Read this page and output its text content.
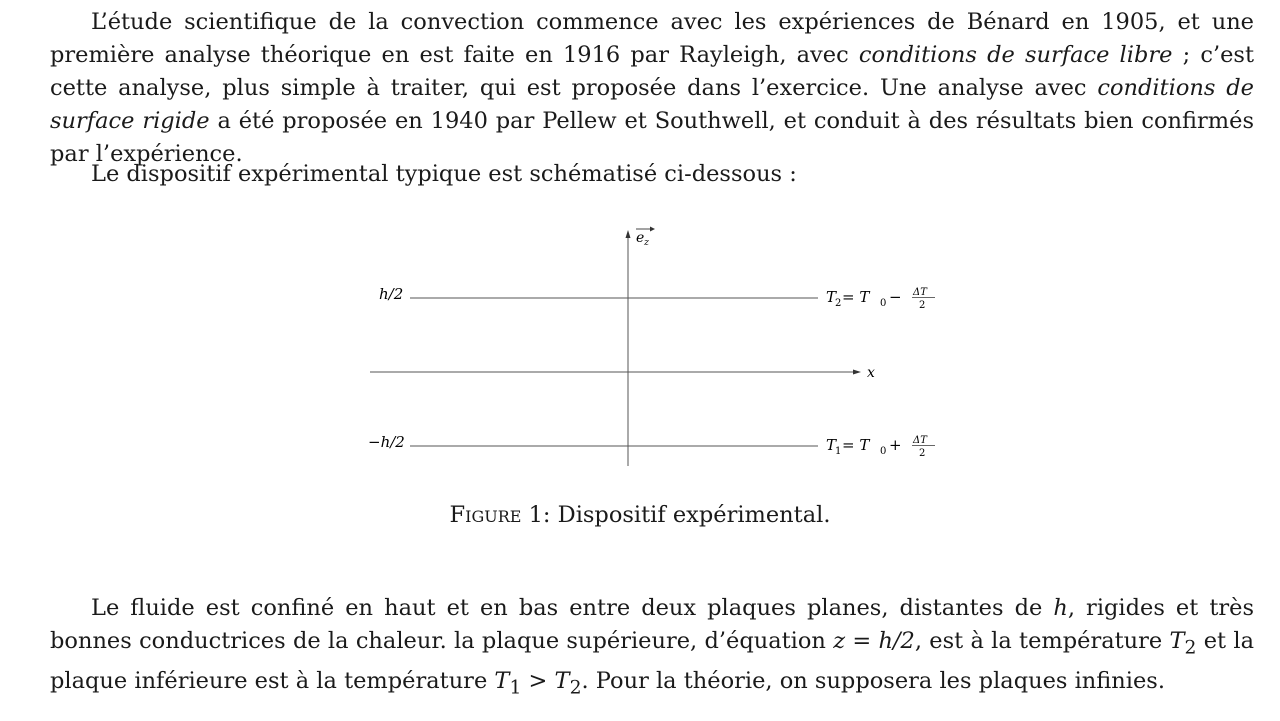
L’étude scientifique de la convection commence avec les expériences de Bénard en 1905, et une première analyse théorique en est faite en 1916 par Rayleigh, avec conditions de surface libre ; c’est cette analyse, plus simple à traiter, qui est proposée dans l’exercice. Une analyse avec conditions de surface rigide a été proposée en 1940 par Pellew et Southwell, et conduit à des résultats bien confirmés par l’expérience.

Le dispositif expérimental typique est schématisé ci-dessous :

e z
x
h/2	T
2 = T 0 − ΔT
2
−h/2	T
1 = T 0 + ΔT
2
Figure 1: Dispositif expérimental.

Le fluide est confiné en haut et en bas entre deux plaques planes, distantes de h, rigides et très bonnes conductrices de la chaleur. la plaque supérieure, d’équation z = h/2, est à la température $T_2$ et la plaque inférieure est à la température $T_1 > T_2$. Pour la théorie, on supposera les plaques infinies.
